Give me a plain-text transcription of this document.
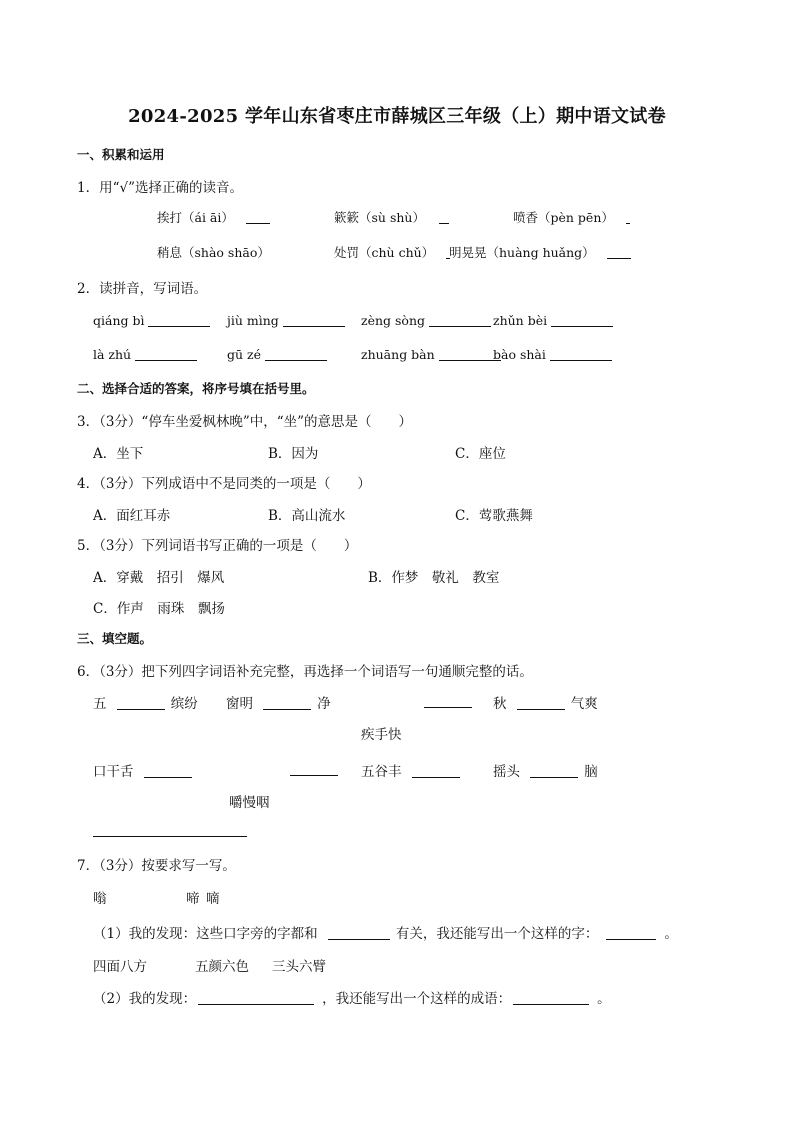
2024-2025 学年山东省枣庄市薛城区三年级（上）期中语文试卷
一、积累和运用
1．用“√”选择正确的读音。
挨打（ái āi）	簌簌（sù shù）	喷香（pèn pēn）
稍息（shào shāo）	处罚（chù chǔ）	明晃晃（huàng huǎng）
2．读拼音，写词语。
qiáng bì	jiù mìng	zèng sòng	zhǔn bèi
là zhú	gū zé	zhuāng bàn	bào shài
二、选择合适的答案，将序号填在括号里。
3．（3分）“停车坐爱枫林晚”中，“坐”的意思是（　　）
A．坐下	B．因为	C．座位
4．（3分）下列成语中不是同类的一项是（　　）
A．面红耳赤	B．高山流水	C．莺歌燕舞
5．（3分）下列词语书写正确的一项是（　　）
A．穿戴　招引　爆风	B．作梦　敬礼　教室
C．作声　雨珠　飘扬
三、填空题。
6．（3分）把下列四字词语补充完整，再选择一个词语写一句通顺完整的话。
五	缤纷 窗明	净	秋	气爽
疾手快
口干舌	五谷丰	摇头	脑
嚼慢咽
7．（3分）按要求写一写。
嗡	啼 嘀
（1）我的发现：这些口字旁的字都和	有关，我还能写出一个这样的字：	。
四面八方	五颜六色 三头六臂
（2）我的发现：	，我还能写出一个这样的成语：	。
